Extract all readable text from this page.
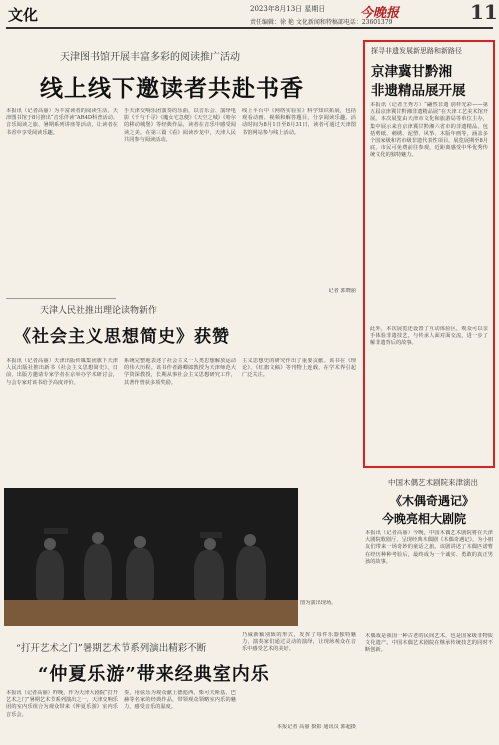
文化	2023年8月13日 星期日	今晚报	11
责任编辑：徐 艳 文化新闻和特稿部电话：23601379
天津图书馆开展丰富多彩的阅读推广活动
线上线下邀读者共赴书香
本报讯（记者高丽）为丰富读者的阅读生活，天津图书馆于8月推出“音乐伴读”AR4D科普活动、音乐阅读之旅、暑期系列讲座等活动，让读者在书香中享受阅读乐趣。
手天津交响乐团演奏的乐曲，以音乐会、演绎电影《千与千寻》《魔女宅急便》《天空之城》《哈尔的移动城堡》等经典作品，读者在音乐中感受阅读之美。在第三篇《看》阅读沙龙中，天津人民共同参与阅读活动。
线上平台中《网络实验室》科学知识拓展，包括观看动画、视频和解答题目，分享阅读乐趣。活动时间为8月1日至8月31日，读者可通过天津图书馆网站参与线上活动。
记者 郭晓丽
天津人民社推出理论读物新作
《社会主义思想简史》获赞
本报讯（记者高丽）天津出版传媒集团旗下天津人民出版社推出新书《社会主义思想简史》。日前，出版方邀请专家学者在京举办学术研讨会，与会专家对该书给予高度评价。
系统完整地表述了社会主义一人类思想解放运动的伟大历程。该书作者路卿郎教授为天津师范大学资深教授，长期从事社会主义思想研究工作，其著作曾获多项奖励。
主义思想史的研究作出了重要贡献。该书在《理论》、《红旗文稿》等刊物上连载，在学术界引起广泛关注。
探寻非遗发展新思路和新路径
京津冀甘黔湘
非遗精品展开展
本报讯（记者王秀方）“翩然非遗 别样光彩——第五届京津冀甘黔湘非遗精品展”在天津工艺美术馆开展。本次展览由天津市文化和旅游局等单位主办，集中展示来自京津冀甘黔湘六省市的非遗精品，包括剪纸、刺绣、泥塑、风筝、木版年画等，涵盖多个国家级和省市级非遗代表性项目。展览展期至8月底，市民可免费前往参观，近距离感受中华优秀传统文化的独特魅力。
此外，本次展览还设置了互动体验区，观众可以亲手体验非遗技艺，与传承人面对面交流，进一步了解非遗背后的故事。
中国木偶艺术剧院来津演出
《木偶奇遇记》
今晚亮相大剧院
本报讯（记者高丽）今晚，中国木偶艺术剧院将在天津大剧院歌剧厅，呈现经典木偶剧《木偶奇遇记》，为小朋友们带来一场奇妙的童话之旅。该剧讲述了木偶匹诺曹在经历种种考验后，最终成为一个诚实、勇敢的真正男孩的故事。
木偶戏是我国一种古老的民间艺术，也是国家级非物质文化遗产。中国木偶艺术剧院在继承传统技艺的同时不断创新。
图为演出现场。
“打开艺术之门”暑期艺术节系列演出精彩不断
“仲夏乐游”带来经典室内乐
本报讯（记者高丽）昨晚，作为天津大剧院“打开艺术之门”暑期艺术节系列演出之一，天津交响乐团的室内乐组合为观众带来《仲夏乐游》室内乐音乐会。
奏，用弦乐为观众献上德彪西、柴可夫斯基、巴赫等名家的经典作品，带领观众领略室内乐的魅力，感受音乐的温度。
乃威新颖别致的形式，发挥了每件乐器独特魅力，演奏家们通过灵动的演绎，让现场观众在音乐中感受艺术的美好。
本报记者 高丽 摄影 通讯员 郭超摄
